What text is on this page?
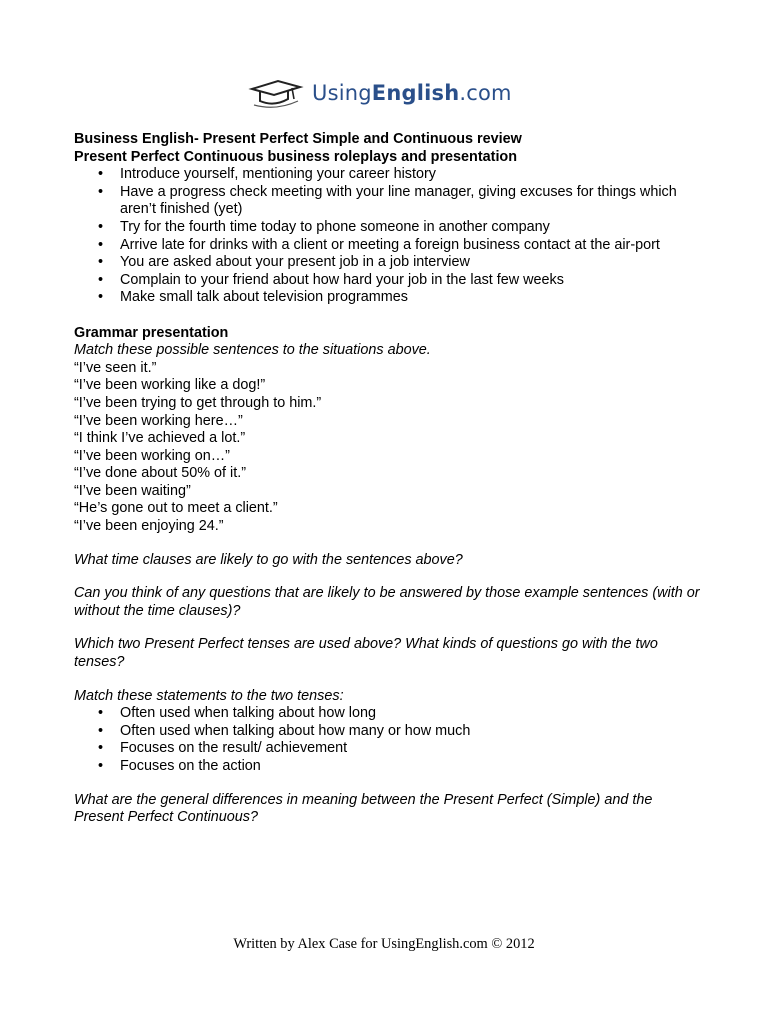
UsingEnglish.com

Business English- Present Perfect Simple and Continuous review

Present Perfect Continuous business roleplays and presentation

• Introduce yourself, mentioning your career history
• Have a progress check meeting with your line manager, giving excuses for things which aren’t finished (yet)
• Try for the fourth time today to phone someone in another company
• Arrive late for drinks with a client or meeting a foreign business contact at the air-port
• You are asked about your present job in a job interview
• Complain to your friend about how hard your job in the last few weeks
• Make small talk about television programmes

Grammar presentation

Match these possible sentences to the situations above.

“I’ve seen it.”

“I’ve been working like a dog!”

“I’ve been trying to get through to him.”

“I’ve been working here…”

“I think I’ve achieved a lot.”

“I’ve been working on…”

“I’ve done about 50% of it.”

“I’ve been waiting”

“He’s gone out to meet a client.”

“I’ve been enjoying 24.”

What time clauses are likely to go with the sentences above?

Can you think of any questions that are likely to be answered by those example sentences (with or without the time clauses)?

Which two Present Perfect tenses are used above? What kinds of questions go with the two tenses?

Match these statements to the two tenses:

• Often used when talking about how long
• Often used when talking about how many or how much
• Focuses on the result/ achievement
• Focuses on the action

What are the general differences in meaning between the Present Perfect (Simple) and the Present Perfect Continuous?

Written by Alex Case for UsingEnglish.com © 2012
